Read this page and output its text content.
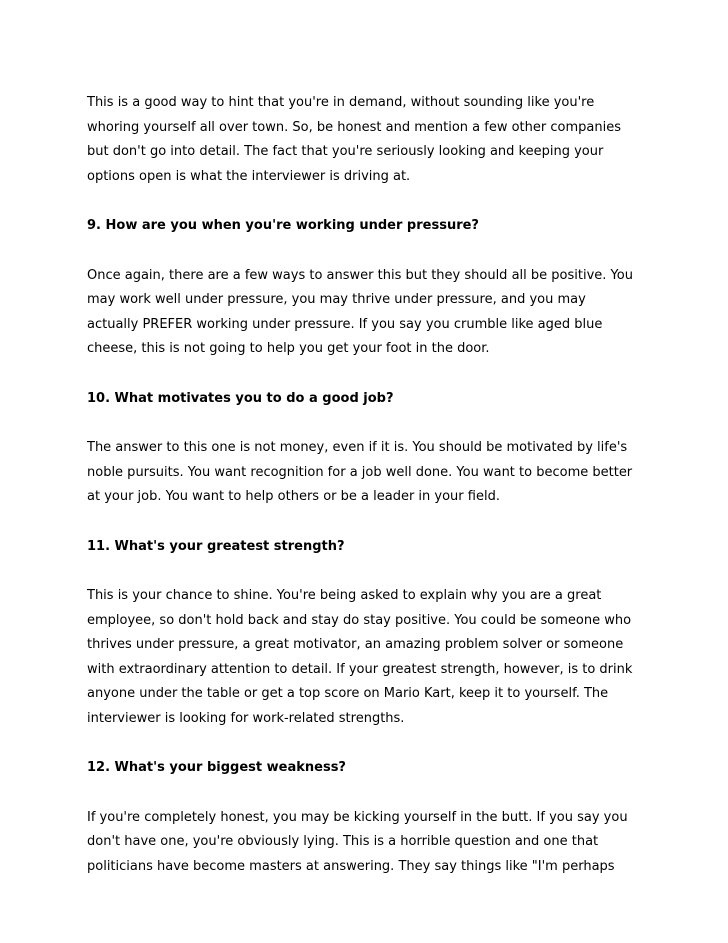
This is a good way to hint that you're in demand, without sounding like you're
whoring yourself all over town. So, be honest and mention a few other companies
but don't go into detail. The fact that you're seriously looking and keeping your
options open is what the interviewer is driving at.
9. How are you when you're working under pressure?
Once again, there are a few ways to answer this but they should all be positive. You
may work well under pressure, you may thrive under pressure, and you may
actually PREFER working under pressure. If you say you crumble like aged blue
cheese, this is not going to help you get your foot in the door.
10. What motivates you to do a good job?
The answer to this one is not money, even if it is. You should be motivated by life's
noble pursuits. You want recognition for a job well done. You want to become better
at your job. You want to help others or be a leader in your field.
11. What's your greatest strength?
This is your chance to shine. You're being asked to explain why you are a great
employee, so don't hold back and stay do stay positive. You could be someone who
thrives under pressure, a great motivator, an amazing problem solver or someone
with extraordinary attention to detail. If your greatest strength, however, is to drink
anyone under the table or get a top score on Mario Kart, keep it to yourself. The
interviewer is looking for work-related strengths.
12. What's your biggest weakness?
If you're completely honest, you may be kicking yourself in the butt. If you say you
don't have one, you're obviously lying. This is a horrible question and one that
politicians have become masters at answering. They say things like "I'm perhaps
